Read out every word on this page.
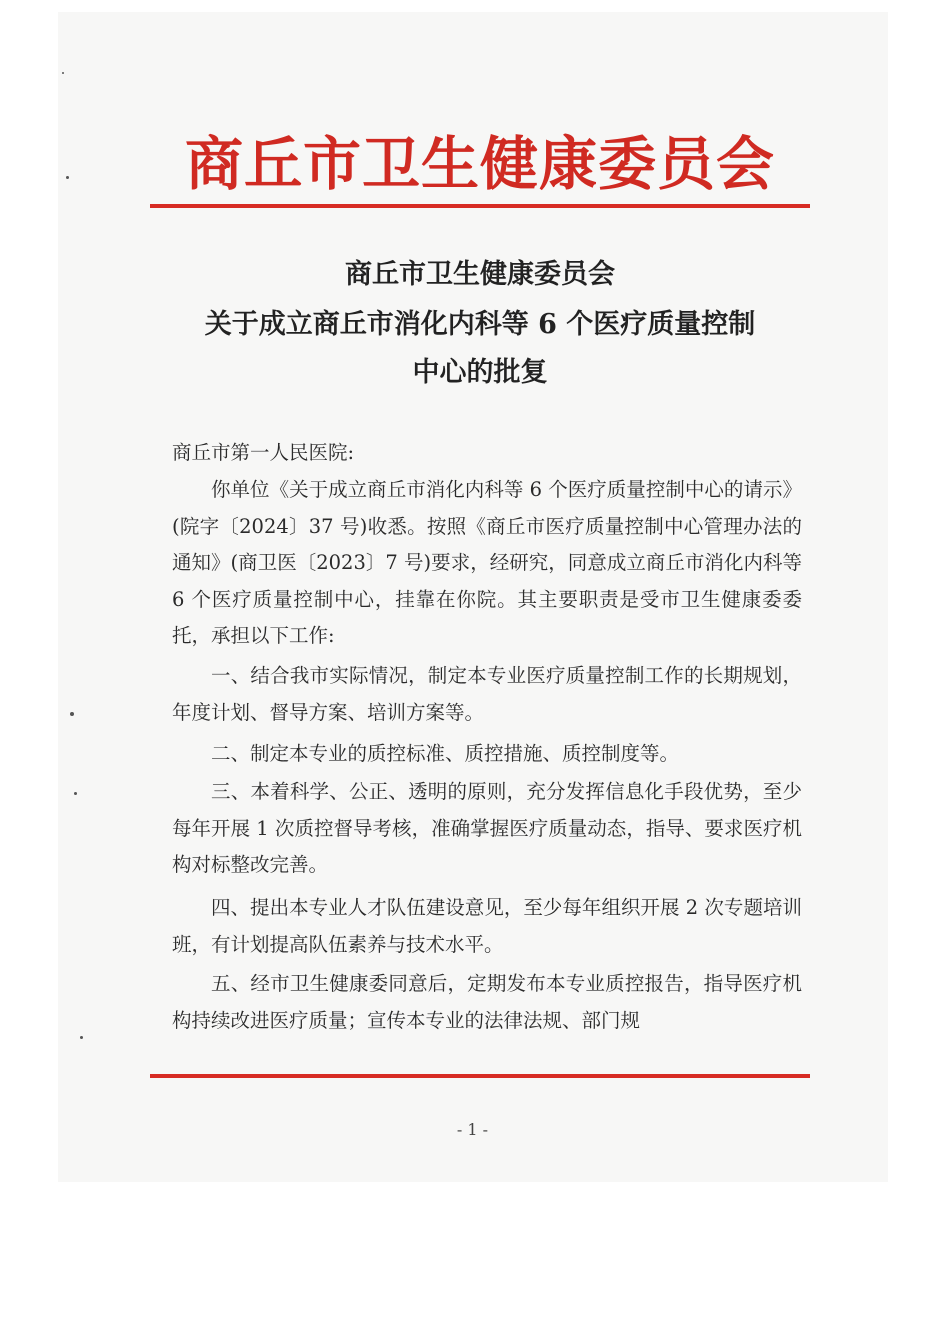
商丘市卫生健康委员会
商丘市卫生健康委员会
关于成立商丘市消化内科等 6 个医疗质量控制
中心的批复
商丘市第一人民医院:

你单位《关于成立商丘市消化内科等 6 个医疗质量控制中心的请示》(院字〔2024〕37 号)收悉。按照《商丘市医疗质量控制中心管理办法的通知》(商卫医〔2023〕7 号)要求，经研究，同意成立商丘市消化内科等 6 个医疗质量控制中心，挂靠在你院。其主要职责是受市卫生健康委委托，承担以下工作:

一、结合我市实际情况，制定本专业医疗质量控制工作的长期规划，年度计划、督导方案、培训方案等。

二、制定本专业的质控标准、质控措施、质控制度等。

三、本着科学、公正、透明的原则，充分发挥信息化手段优势，至少每年开展 1 次质控督导考核，准确掌握医疗质量动态，指导、要求医疗机构对标整改完善。

四、提出本专业人才队伍建设意见，至少每年组织开展 2 次专题培训班，有计划提高队伍素养与技术水平。

五、经市卫生健康委同意后，定期发布本专业质控报告，指导医疗机构持续改进医疗质量；宣传本专业的法律法规、部门规

- 1 -
